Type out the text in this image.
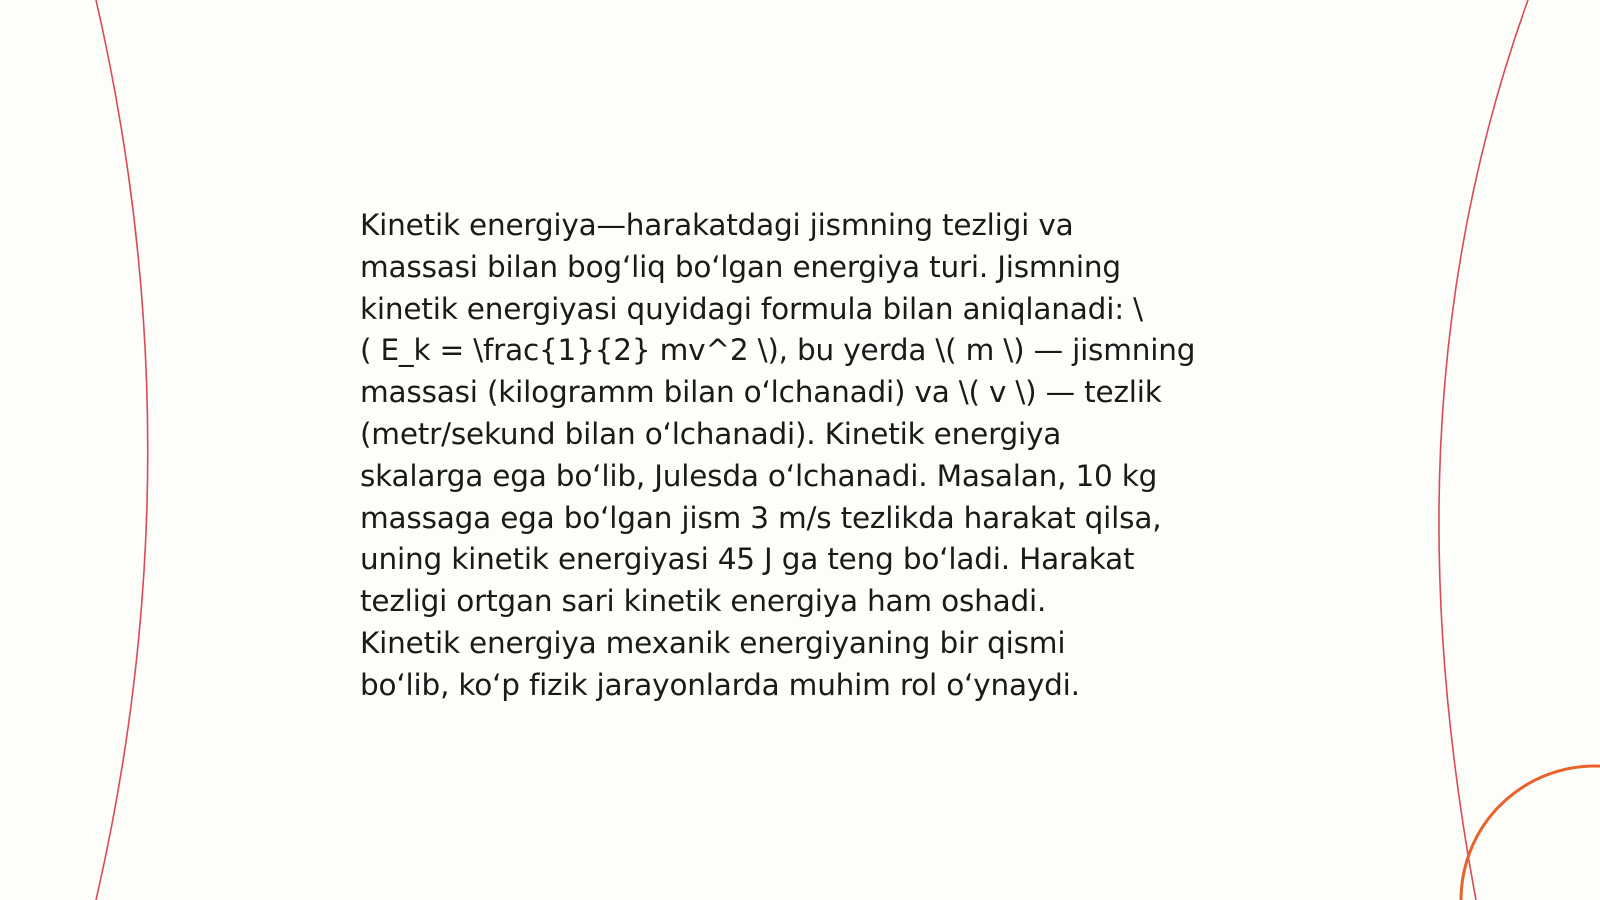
Kinetik energiya—harakatdagi jismning tezligi va
massasi bilan bog‘liq bo‘lgan energiya turi. Jismning
kinetik energiyasi quyidagi formula bilan aniqlanadi: \
( E_k = \frac{1}{2} mv^2 \), bu yerda \( m \) — jismning
massasi (kilogramm bilan o‘lchanadi) va \( v \) — tezlik
(metr/sekund bilan o‘lchanadi). Kinetik energiya
skalarga ega bo‘lib, Julesda o‘lchanadi. Masalan, 10 kg
massaga ega bo‘lgan jism 3 m/s tezlikda harakat qilsa,
uning kinetik energiyasi 45 J ga teng bo‘ladi. Harakat
tezligi ortgan sari kinetik energiya ham oshadi.
Kinetik energiya mexanik energiyaning bir qismi
bo‘lib, ko‘p fizik jarayonlarda muhim rol o‘ynaydi.
